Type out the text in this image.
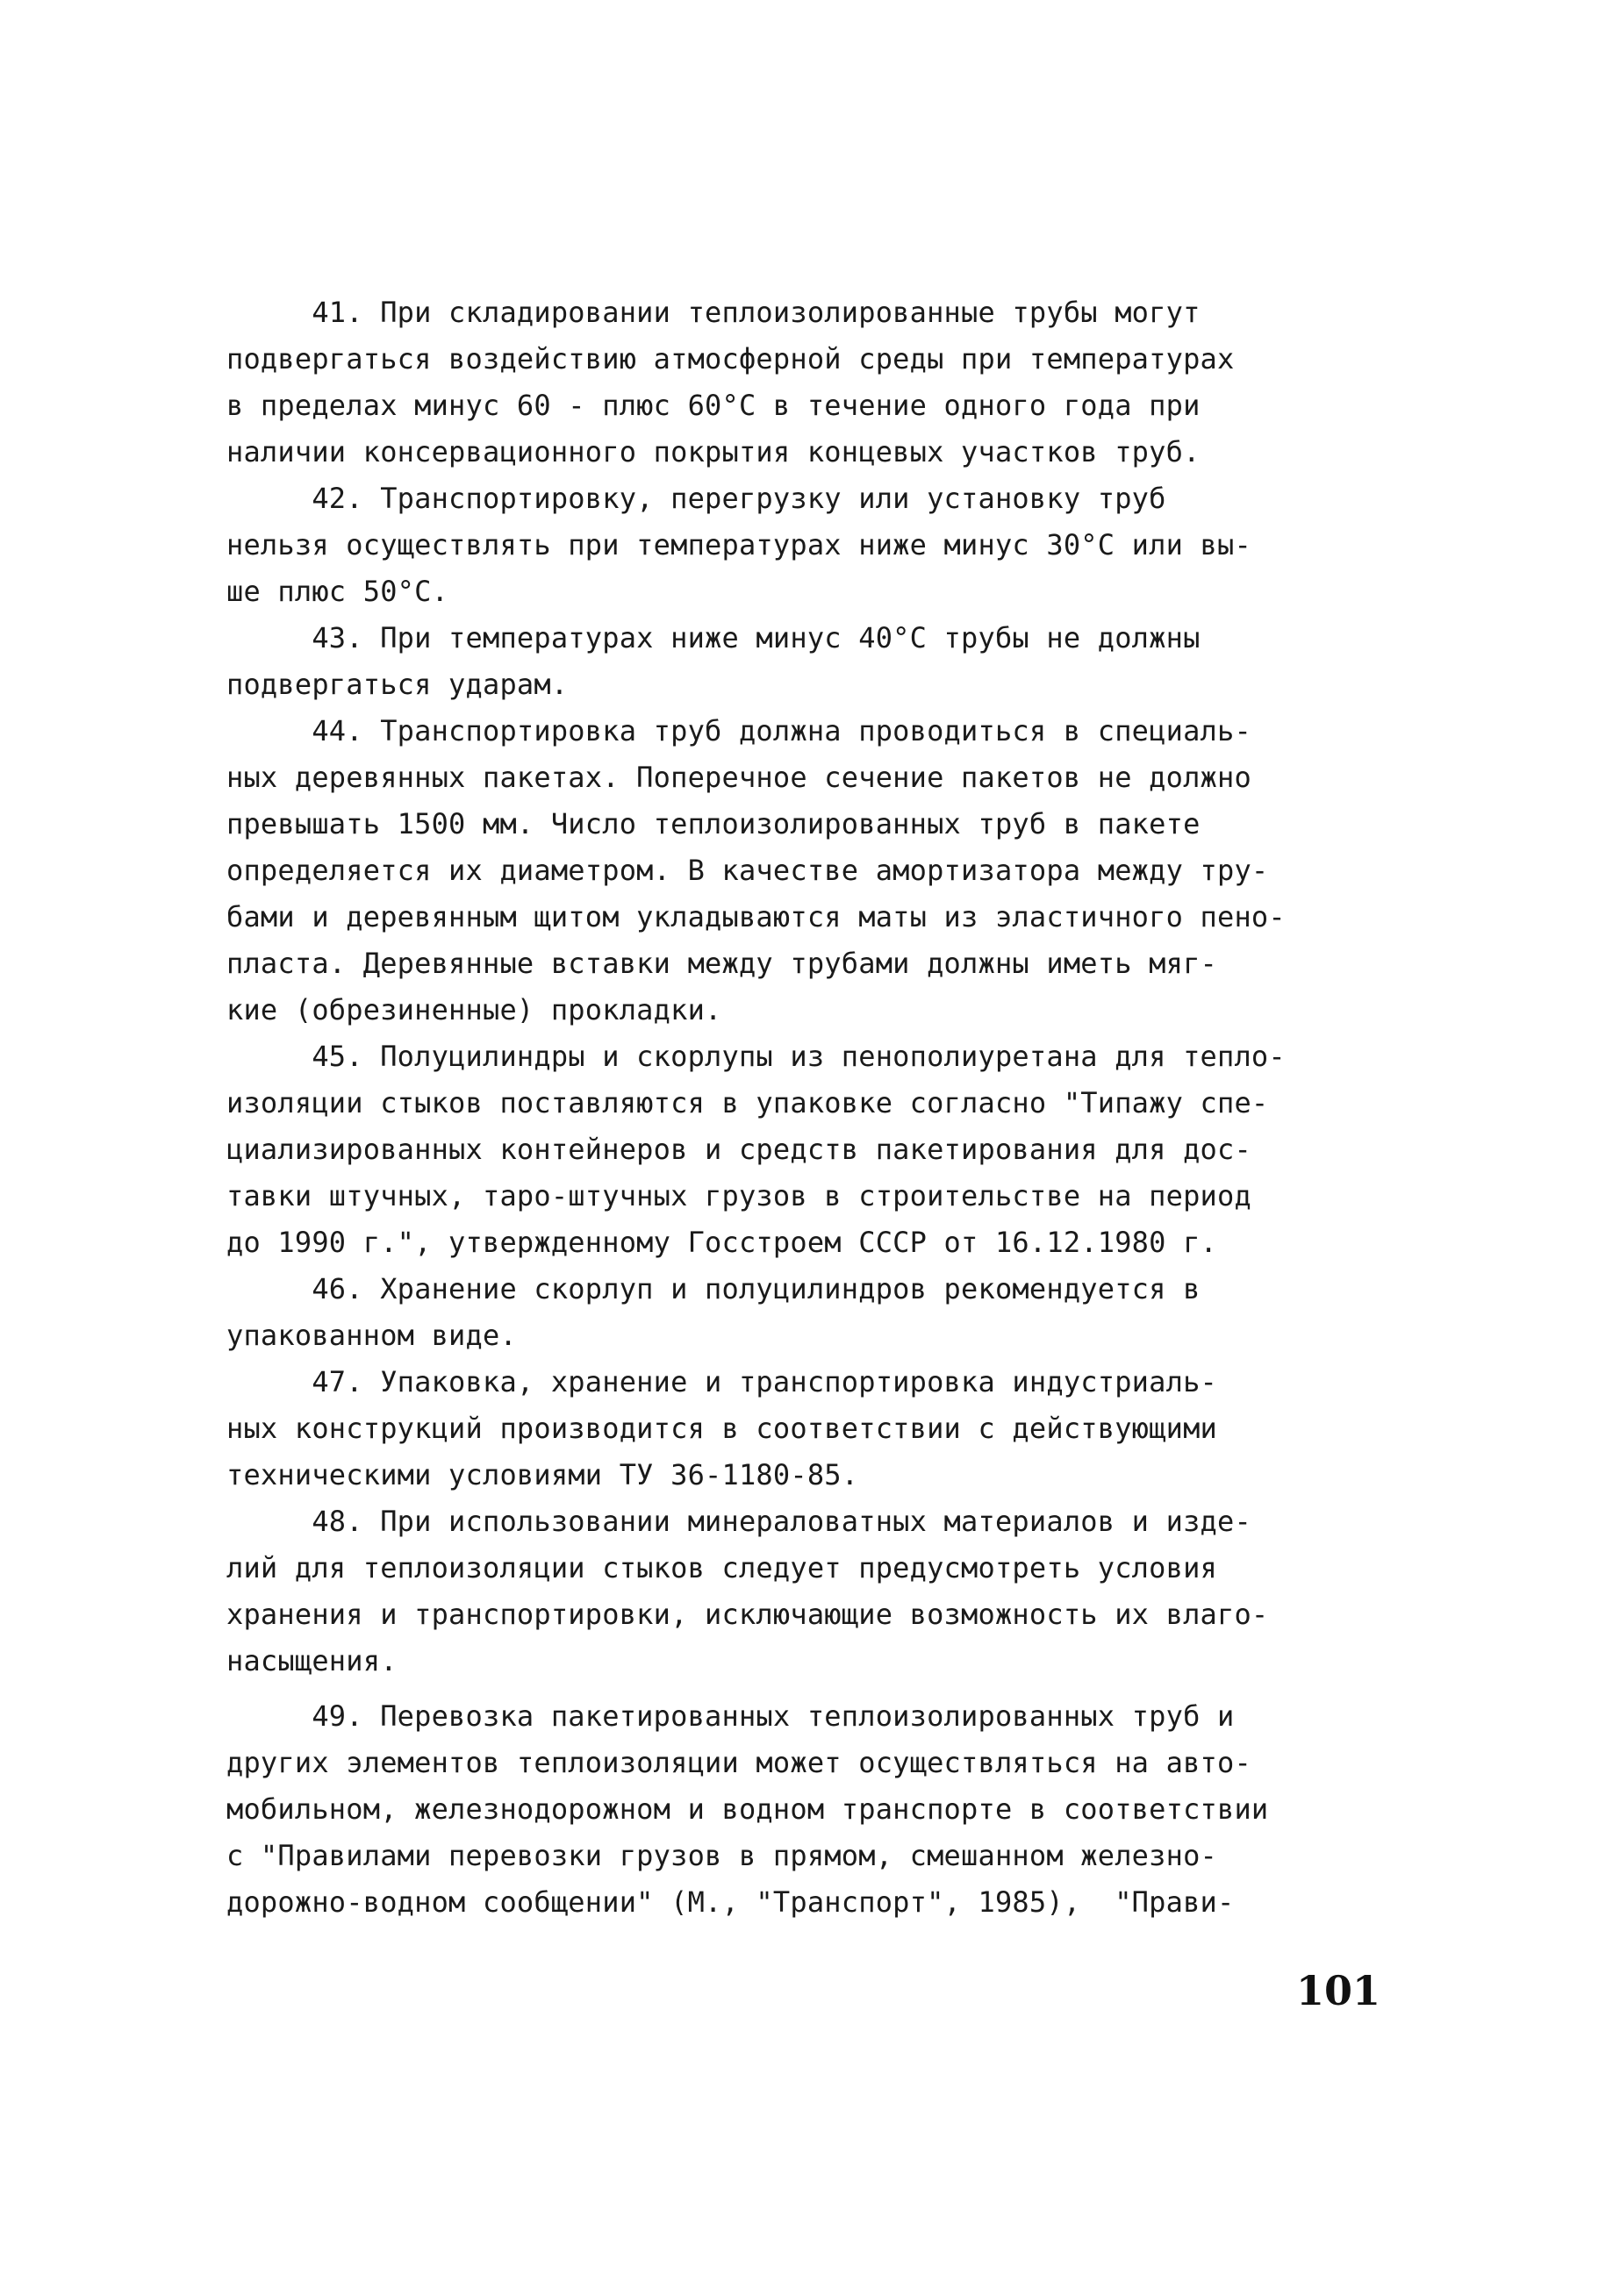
41. При складировании теплоизолированные трубы могут
подвергаться воздействию атмосферной среды при температурах
в пределах минус 60 - плюс 60°С в течение одного года при
наличии консервационного покрытия концевых участков труб.
42. Транспортировку, перегрузку или установку труб
нельзя осуществлять при температурах ниже минус 30°С или вы-
ше плюс 50°С.
43. При температурах ниже минус 40°С трубы не должны
подвергаться ударам.
44. Транспортировка труб должна проводиться в специаль-
ных деревянных пакетах. Поперечное сечение пакетов не должно
превышать 1500 мм. Число теплоизолированных труб в пакете
определяется их диаметром. В качестве амортизатора между тру-
бами и деревянным щитом укладываются маты из эластичного пено-
пласта. Деревянные вставки между трубами должны иметь мяг-
кие (обрезиненные) прокладки.
45. Полуцилиндры и скорлупы из пенополиуретана для тепло-
изоляции стыков поставляются в упаковке согласно "Типажу спе-
циализированных контейнеров и средств пакетирования для дос-
тавки штучных, таро-штучных грузов в строительстве на период
до 1990 г.", утвержденному Госстроем СССР от 16.12.1980 г.
46. Хранение скорлуп и полуцилиндров рекомендуется в
упакованном виде.
47. Упаковка, хранение и транспортировка индустриаль-
ных конструкций производится в соответствии с действующими
техническими условиями ТУ 36-1180-85.
48. При использовании минераловатных материалов и изде-
лий для теплоизоляции стыков следует предусмотреть условия
хранения и транспортировки, исключающие возможность их влаго-
насыщения.
49. Перевозка пакетированных теплоизолированных труб и
других элементов теплоизоляции может осуществляться на авто-
мобильном, железнодорожном и водном транспорте в соответствии
с "Правилами перевозки грузов в прямом, смешанном железно-
дорожно-водном сообщении" (М., "Транспорт", 1985),  "Прави-
101
